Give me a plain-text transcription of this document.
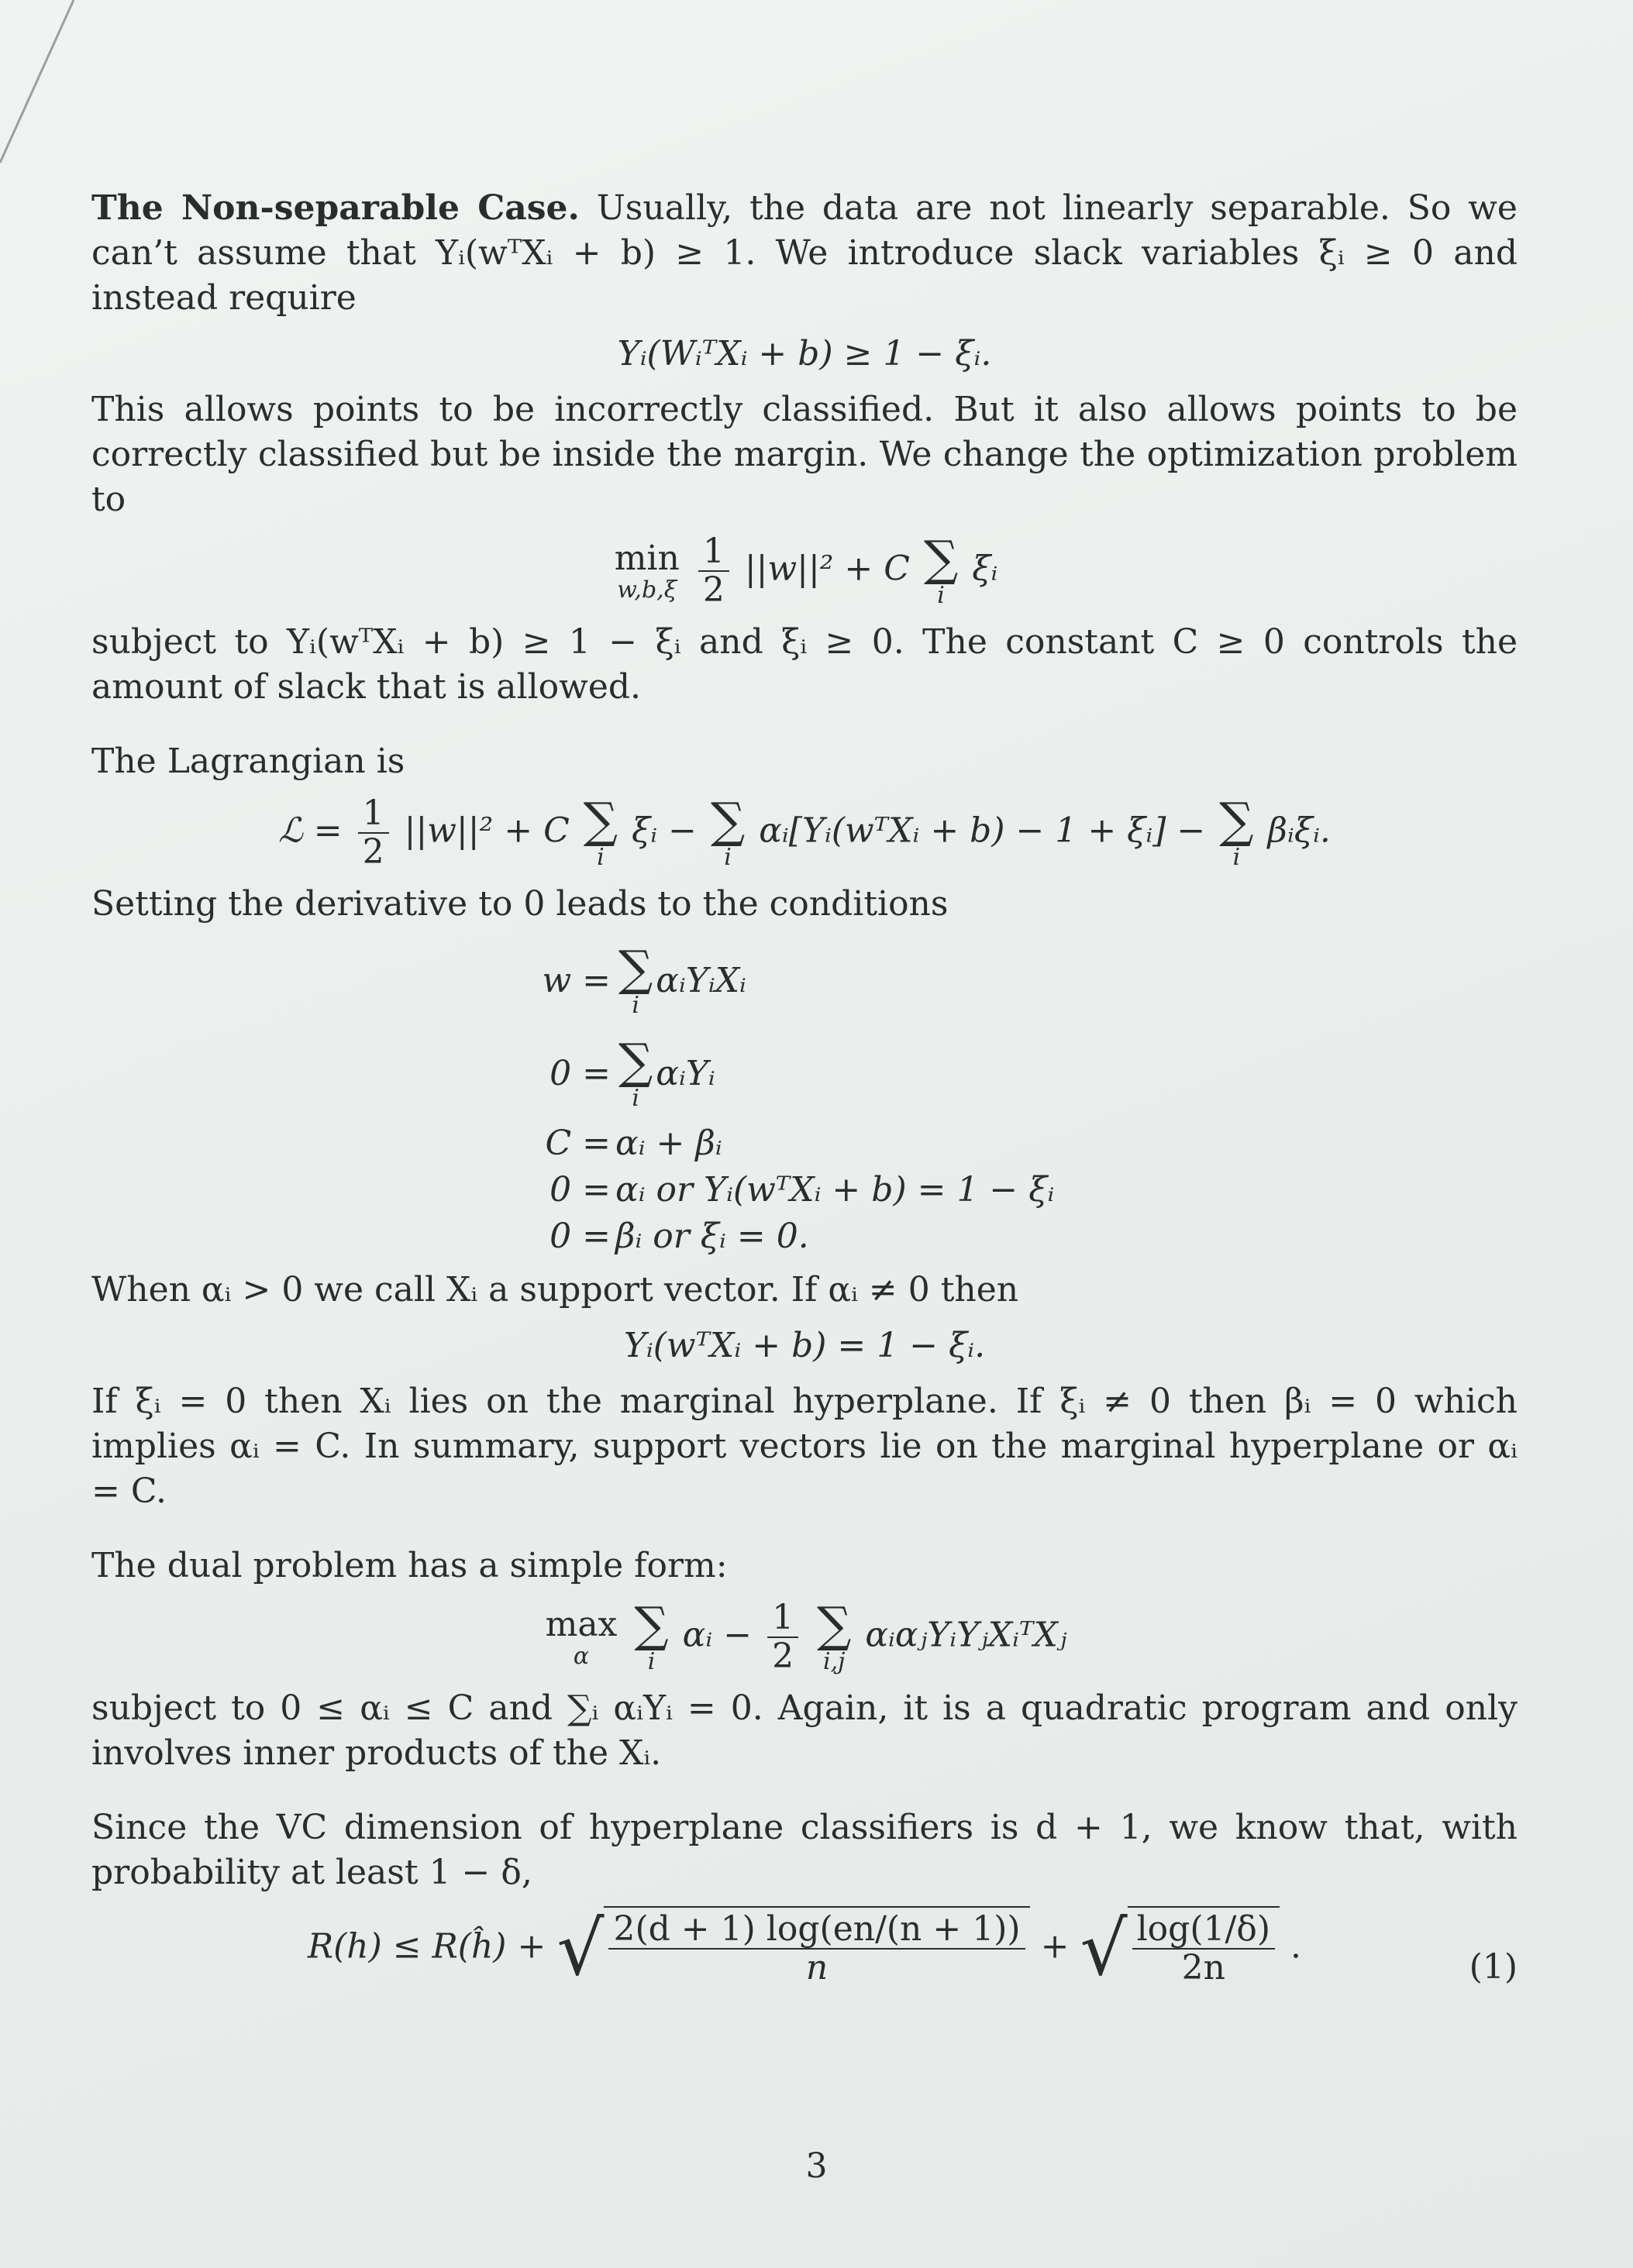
The Non-separable Case. Usually, the data are not linearly separable. So we can’t assume that Yᵢ(wᵀXᵢ + b) ≥ 1. We introduce slack variables ξᵢ ≥ 0 and instead require

Yᵢ(WᵢᵀXᵢ + b) ≥ 1 − ξᵢ.

This allows points to be incorrectly classified. But it also allows points to be correctly classified but be inside the margin. We change the optimization problem to

min
w,b,ξ
$\frac{1}{2} ||w||^2 + C$ ∑
i
ξᵢ

subject to Yᵢ(wᵀXᵢ + b) ≥ 1 − ξᵢ and ξᵢ ≥ 0. The constant C ≥ 0 controls the amount of slack that is allowed.

The Lagrangian is

ℒ = $\frac{1}{2} ||w||^2 + C$ ∑
i
ξᵢ − ∑
i
αᵢ[Yᵢ(wᵀXᵢ + b) − 1 + ξᵢ] − ∑
i
βᵢξᵢ.

Setting the derivative to 0 leads to the conditions

w = ∑
i
αᵢYᵢXᵢ
0 = ∑
i
αᵢYᵢ
C = αᵢ + βᵢ
0 = αᵢ or Yᵢ(wᵀXᵢ + b) = 1 − ξᵢ
0 = βᵢ or ξᵢ = 0.

When αᵢ > 0 we call Xᵢ a support vector. If αᵢ ≠ 0 then

Yᵢ(wᵀXᵢ + b) = 1 − ξᵢ.

If ξᵢ = 0 then Xᵢ lies on the marginal hyperplane. If ξᵢ ≠ 0 then βᵢ = 0 which implies αᵢ = C. In summary, support vectors lie on the marginal hyperplane or αᵢ = C.

The dual problem has a simple form:

max
α

∑
i
αᵢ − $\frac{1}{2}$
∑
i,j
αᵢαⱼYᵢYⱼXᵢᵀXⱼ

subject to 0 ≤ αᵢ ≤ C and ∑ᵢ αᵢYᵢ = 0. Again, it is a quadratic program and only involves inner products of the Xᵢ.

Since the VC dimension of hyperplane classifiers is d + 1, we know that, with probability at least 1 − δ,

R(h) ≤ R(ĥ) + √ $\frac{2(d + 1) \log(en/(n + 1))}{n}$ + √ $\frac{\log(1/\delta)}{2n}$ .
(1)
3
